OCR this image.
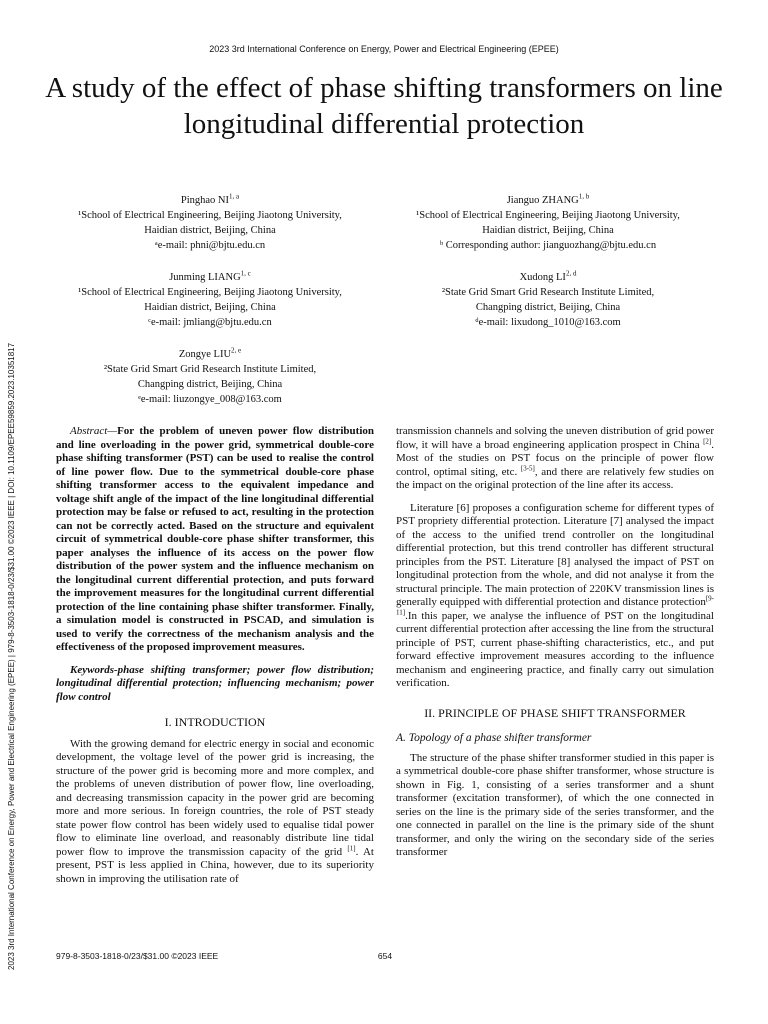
2023 3rd International Conference on Energy, Power and Electrical Engineering (EPEE)
A study of the effect of phase shifting transformers on line longitudinal differential protection
2023 3rd International Conference on Energy, Power and Electrical Engineering (EPEE) | 979-8-3503-1818-0/23/$31.00 ©2023 IEEE | DOI: 10.1109/EPEE59859.2023.10351817
Pinghao NI$^{1, a}$
¹School of Electrical Engineering, Beijing Jiaotong University,
Haidian district, Beijing, China
ᵃe-mail: phni@bjtu.edu.cn
Jianguo ZHANG$^{1, b}$
¹School of Electrical Engineering, Beijing Jiaotong University,
Haidian district, Beijing, China
ᵇ Corresponding author: jianguozhang@bjtu.edu.cn
Junming LIANG$^{1, c}$
¹School of Electrical Engineering, Beijing Jiaotong University,
Haidian district, Beijing, China
ᶜe-mail: jmliang@bjtu.edu.cn
Xudong LI$^{2, d}$
²State Grid Smart Grid Research Institute Limited,
Changping district, Beijing, China
ᵈe-mail: lixudong_1010@163.com
Zongye LIU$^{2, e}$
²State Grid Smart Grid Research Institute Limited,
Changping district, Beijing, China
ᵉe-mail: liuzongye_008@163.com

Abstract—For the problem of uneven power flow distribution and line overloading in the power grid, symmetrical double-core phase shifting transformer (PST) can be used to realise the control of line power flow. Due to the symmetrical double-core phase shifting transformer access to the equivalent impedance and voltage shift angle of the impact of the line longitudinal differential protection may be false or refused to act, resulting in the protection can not be correctly acted. Based on the structure and equivalent circuit of symmetrical double-core phase shifter transformer, this paper analyses the influence of its access on the power flow distribution of the power system and the influence mechanism on the longitudinal current differential protection, and puts forward the improvement measures for the longitudinal current differential protection of the line containing phase shifter transformer. Finally, a simulation model is constructed in PSCAD, and simulation is used to verify the correctness of the mechanism analysis and the effectiveness of the proposed improvement measures.

Keywords-phase shifting transformer; power flow distribution; longitudinal differential protection; influencing mechanism; power flow control

I. INTRODUCTION

With the growing demand for electric energy in social and economic development, the voltage level of the power grid is increasing, the structure of the power grid is becoming more and more complex, and the problems of uneven distribution of power flow, line overloading, and decreasing transmission capacity in the power grid are becoming more and more serious. In foreign countries, the role of PST steady state power flow control has been widely used to equalise tidal power flow to eliminate line overload, and reasonably distribute line tidal power flow to improve the transmission capacity of the grid [1]. At present, PST is less applied in China, however, due to its superiority shown in improving the utilisation rate of

transmission channels and solving the uneven distribution of grid power flow, it will have a broad engineering application prospect in China [2]. Most of the studies on PST focus on the principle of power flow control, optimal siting, etc. [3-5], and there are relatively few studies on the impact on the original protection of the line after its access.

Literature [6] proposes a configuration scheme for different types of PST propriety differential protection. Literature [7] analysed the impact of the access to the unified trend controller on the longitudinal differential protection, but this trend controller has different structural principles from the PST. Literature [8] analysed the impact of PST on longitudinal protection from the whole, and did not analyse it from the structural principle. The main protection of 220KV transmission lines is generally equipped with differential protection and distance protection[9-11].In this paper, we analyse the influence of PST on the longitudinal current differential protection after accessing the line from the structural principle of PST, current phase-shifting characteristics, etc., and put forward effective improvement measures according to the influence mechanism and engineering practice, and finally carry out simulation verification.

II. PRINCIPLE OF PHASE SHIFT TRANSFORMER

A. Topology of a phase shifter transformer

The structure of the phase shifter transformer studied in this paper is a symmetrical double-core phase shifter transformer, whose structure is shown in Fig. 1, consisting of a series transformer and a shunt transformer (excitation transformer), of which the one connected in series on the line is the primary side of the series transformer, and the one connected in parallel on the line is the primary side of the shunt transformer, and only the wiring on the secondary side of the series transformer

979-8-3503-1818-0/23/$31.00 ©2023 IEEE	654
